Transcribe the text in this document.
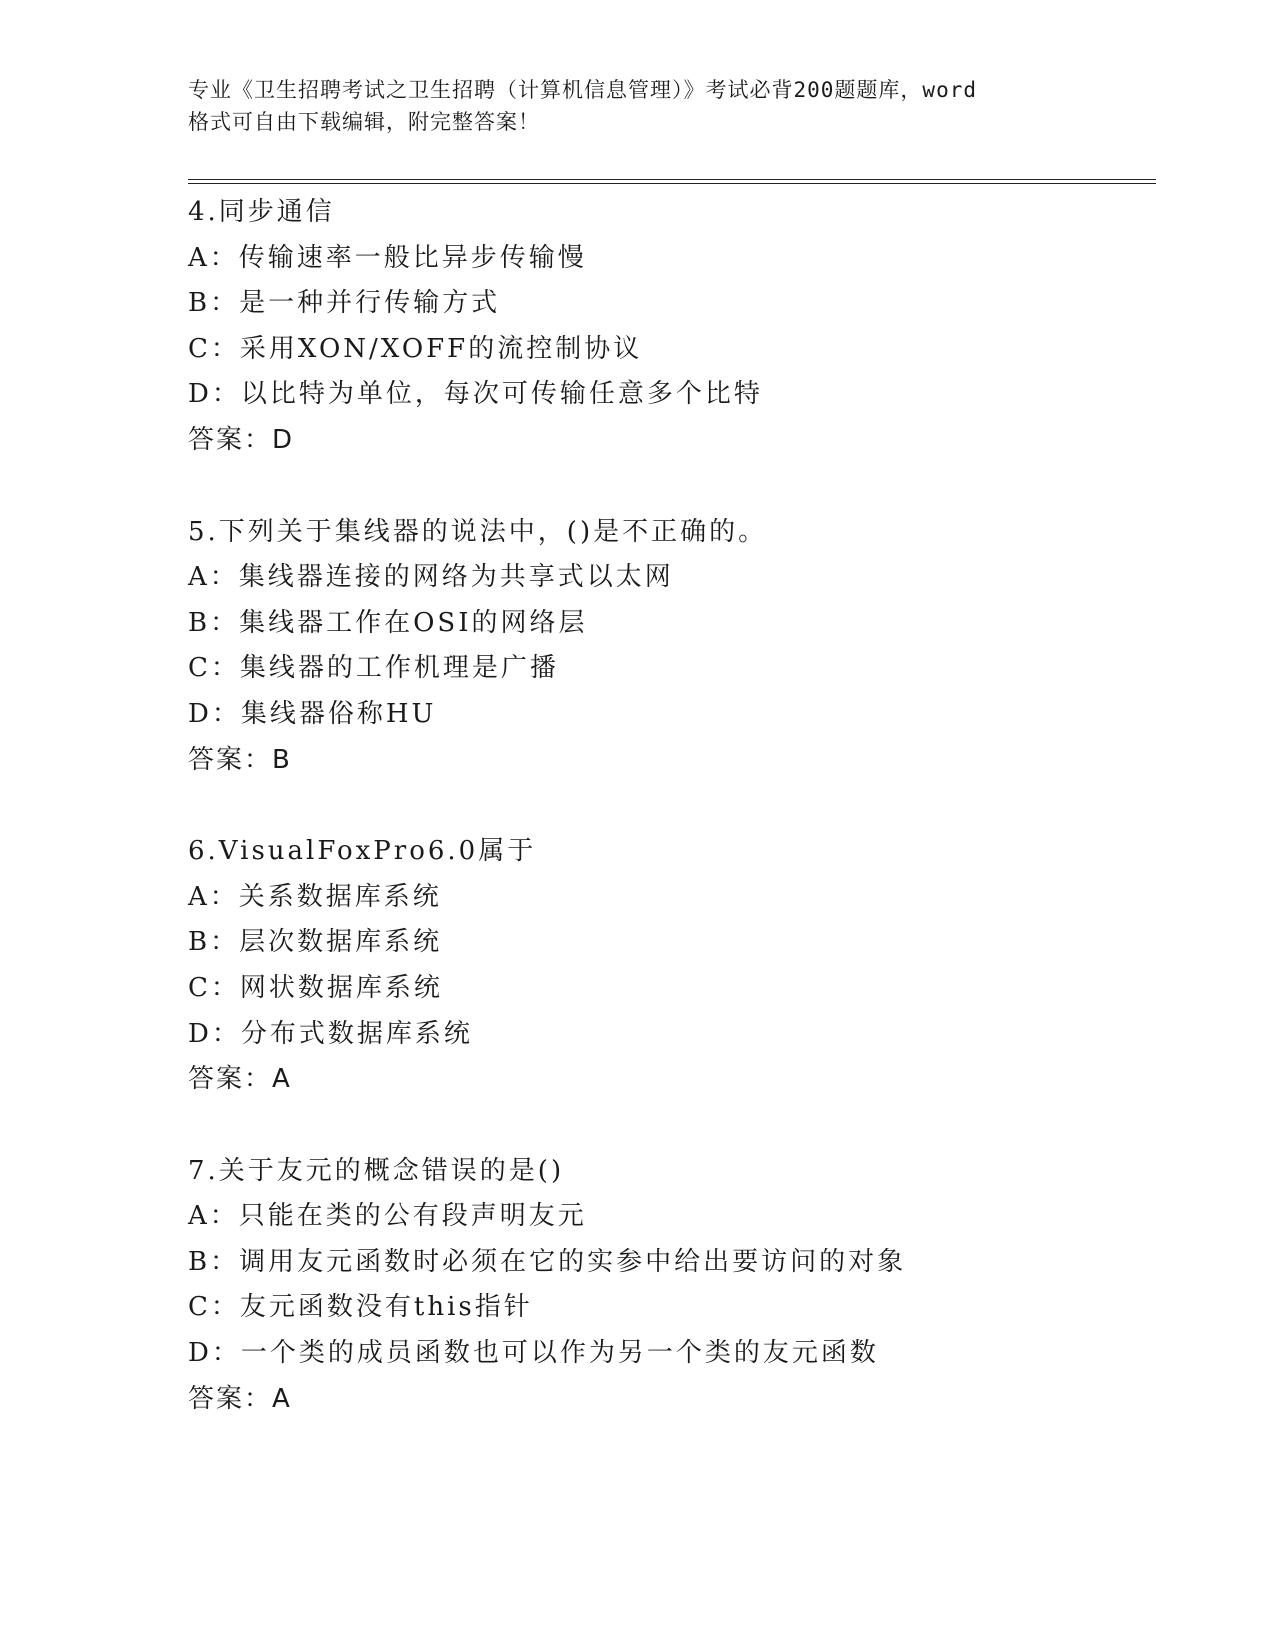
专业《卫生招聘考试之卫生招聘（计算机信息管理）》考试必背200题题库，word
格式可自由下载编辑，附完整答案！
4.同步通信
A：传输速率一般比异步传输慢
B：是一种并行传输方式
C：采用XON/XOFF的流控制协议
D：以比特为单位，每次可传输任意多个比特
答案：D
5.下列关于集线器的说法中，()是不正确的。
A：集线器连接的网络为共享式以太网
B：集线器工作在OSI的网络层
C：集线器的工作机理是广播
D：集线器俗称HU
答案：B
6.VisualFoxPro6.0属于
A：关系数据库系统
B：层次数据库系统
C：网状数据库系统
D：分布式数据库系统
答案：A
7.关于友元的概念错误的是()
A：只能在类的公有段声明友元
B：调用友元函数时必须在它的实参中给出要访问的对象
C：友元函数没有this指针
D：一个类的成员函数也可以作为另一个类的友元函数
答案：A
